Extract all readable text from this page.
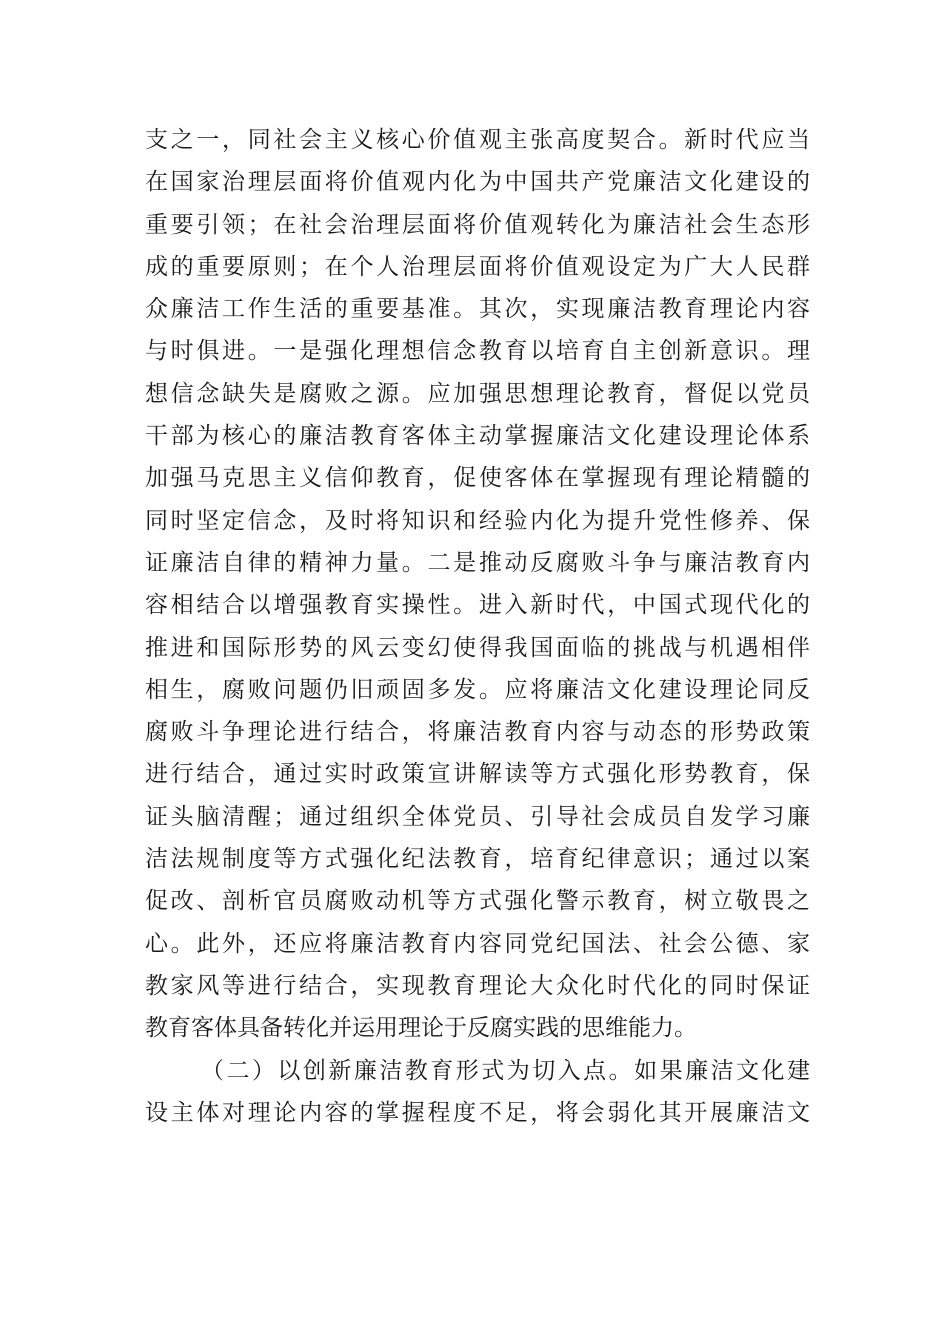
支之一，同社会主义核心价值观主张高度契合。新时代应当
在国家治理层面将价值观内化为中国共产党廉洁文化建设的
重要引领；在社会治理层面将价值观转化为廉洁社会生态形
成的重要原则；在个人治理层面将价值观设定为广大人民群
众廉洁工作生活的重要基准。其次，实现廉洁教育理论内容
与时俱进。一是强化理想信念教育以培育自主创新意识。理
想信念缺失是腐败之源。应加强思想理论教育，督促以党员
干部为核心的廉洁教育客体主动掌握廉洁文化建设理论体系
加强马克思主义信仰教育，促使客体在掌握现有理论精髓的
同时坚定信念，及时将知识和经验内化为提升党性修养、保
证廉洁自律的精神力量。二是推动反腐败斗争与廉洁教育内
容相结合以增强教育实操性。进入新时代，中国式现代化的
推进和国际形势的风云变幻使得我国面临的挑战与机遇相伴
相生，腐败问题仍旧顽固多发。应将廉洁文化建设理论同反
腐败斗争理论进行结合，将廉洁教育内容与动态的形势政策
进行结合，通过实时政策宣讲解读等方式强化形势教育，保
证头脑清醒；通过组织全体党员、引导社会成员自发学习廉
洁法规制度等方式强化纪法教育，培育纪律意识；通过以案
促改、剖析官员腐败动机等方式强化警示教育，树立敬畏之
心。此外，还应将廉洁教育内容同党纪国法、社会公德、家
教家风等进行结合，实现教育理论大众化时代化的同时保证
教育客体具备转化并运用理论于反腐实践的思维能力。
（二）以创新廉洁教育形式为切入点。如果廉洁文化建
设主体对理论内容的掌握程度不足，将会弱化其开展廉洁文
